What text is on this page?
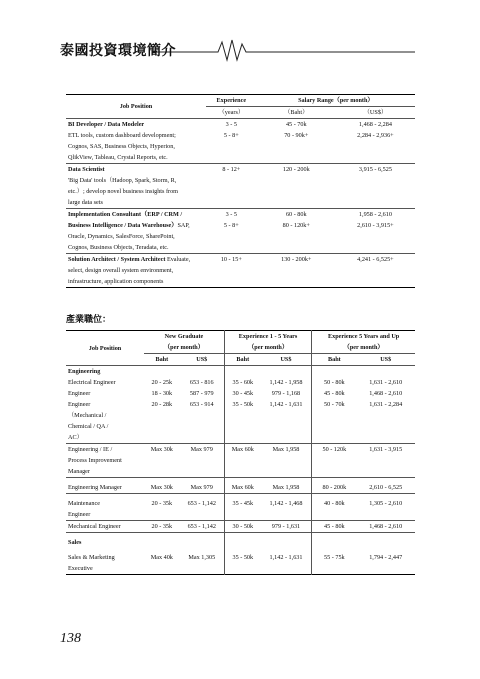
泰國投資環境簡介
Job Position	Experience	Salary Range（per month）	
	（years）	（Baht）	（US$）
BI Developer / Data Modeler	3 - 5	45 - 70k	1,468 - 2,284
ETL tools, custom dashboard development;	5 - 8+	70 - 90k+	2,284 - 2,936+
Cognos, SAS, Business Objects, Hyperion,			
QlikView, Tableau, Crystal Reports, etc.			
Data Scientist	8 - 12+	120 - 200k	3,915 - 6,525
'Big Data' tools（Hadoop, Spark, Storm, R,			
etc.）; develop novel business insights from			
large data sets			
Implementation Consultant（ERP / CRM /	3 - 5	60 - 80k	1,958 - 2,610
Business Intelligence / Data Warehouse）SAP,	5 - 8+	80 - 120k+	2,610 - 3,915+
Oracle, Dynamics, SalesForce, SharePoint,			
Cognos, Business Objects, Teradata, etc.			
Solution Architect / System Architect Evaluate,	10 - 15+	130 - 200k+	4,241 - 6,525+
select, design overall system environment,			
infrastructure, application components			
產業職位：
Job Position	New Graduate		Experience 1 - 5 Years		Experience 5 Years and Up	
	（per month）		（per month）		（per month）	
	Baht	US$	Baht	US$	Baht	US$
Engineering						
Electrical Engineer	20 - 25k	653 - 816	35 - 60k	1,142 - 1,958	50 - 80k	1,631 - 2,610
Engineer	18 - 30k	587 - 979	30 - 45k	979 - 1,168	45 - 80k	1,468 - 2,610
Engineer	20 - 28k	653 - 914	35 - 50k	1,142 - 1,631	50 - 70k	1,631 - 2,284
（Mechanical /						
Chemical / QA /						
AC）						
Engineering / IE /	Max 30k	Max 979	Max 60k	Max 1,958	50 - 120k	1,631 - 3,915
Process Improvement						
Manager						
Engineering Manager	Max 30k	Max 979	Max 60k	Max 1,958	80 - 200k	2,610 - 6,525
Maintenance	20 - 35k	653 - 1,142	35 - 45k	1,142 - 1,468	40 - 80k	1,305 - 2,610
Engineer						
Mechanical Engineer	20 - 35k	653 - 1,142	30 - 50k	979 - 1,631	45 - 80k	1,468 - 2,610
Sales						
Sales & Marketing	Max 40k	Max 1,305	35 - 50k	1,142 - 1,631	55 - 75k	1,794 - 2,447
Executive						
138
